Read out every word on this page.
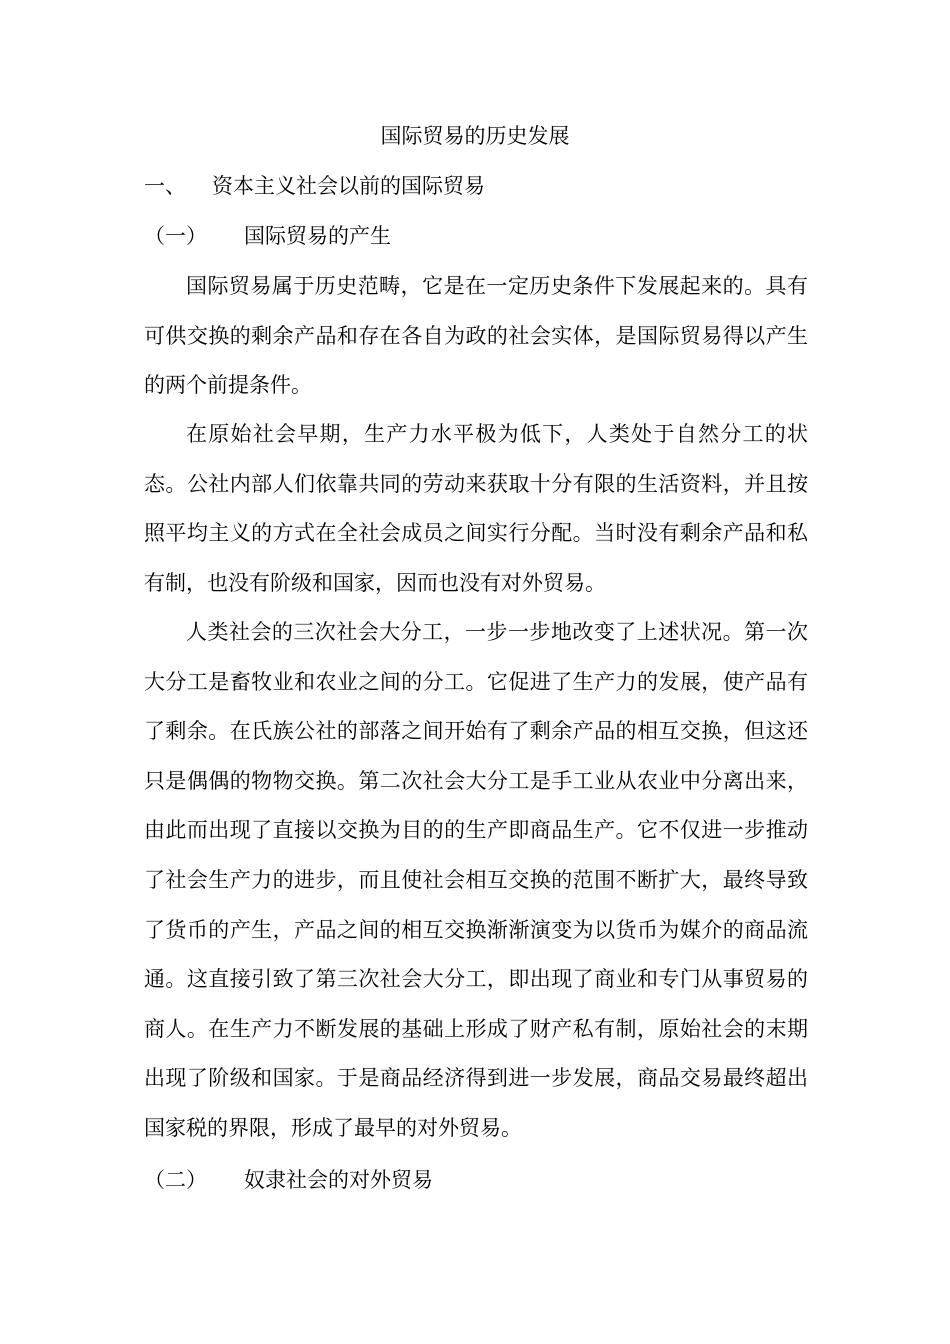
国际贸易的历史发展
一、 资本主义社会以前的国际贸易
（一） 国际贸易的产生

国际贸易属于历史范畴，它是在一定历史条件下发展起来的。具有可供交换的剩余产品和存在各自为政的社会实体，是国际贸易得以产生的两个前提条件。

在原始社会早期，生产力水平极为低下，人类处于自然分工的状态。公社内部人们依靠共同的劳动来获取十分有限的生活资料，并且按照平均主义的方式在全社会成员之间实行分配。当时没有剩余产品和私有制，也没有阶级和国家，因而也没有对外贸易。

人类社会的三次社会大分工，一步一步地改变了上述状况。第一次大分工是畜牧业和农业之间的分工。它促进了生产力的发展，使产品有了剩余。在氏族公社的部落之间开始有了剩余产品的相互交换，但这还只是偶偶的物物交换。第二次社会大分工是手工业从农业中分离出来，由此而出现了直接以交换为目的的生产即商品生产。它不仅进一步推动了社会生产力的进步，而且使社会相互交换的范围不断扩大，最终导致了货币的产生，产品之间的相互交换渐渐演变为以货币为媒介的商品流通。这直接引致了第三次社会大分工，即出现了商业和专门从事贸易的商人。在生产力不断发展的基础上形成了财产私有制，原始社会的末期出现了阶级和国家。于是商品经济得到进一步发展，商品交易最终超出国家税的界限，形成了最早的对外贸易。

（二） 奴隶社会的对外贸易
